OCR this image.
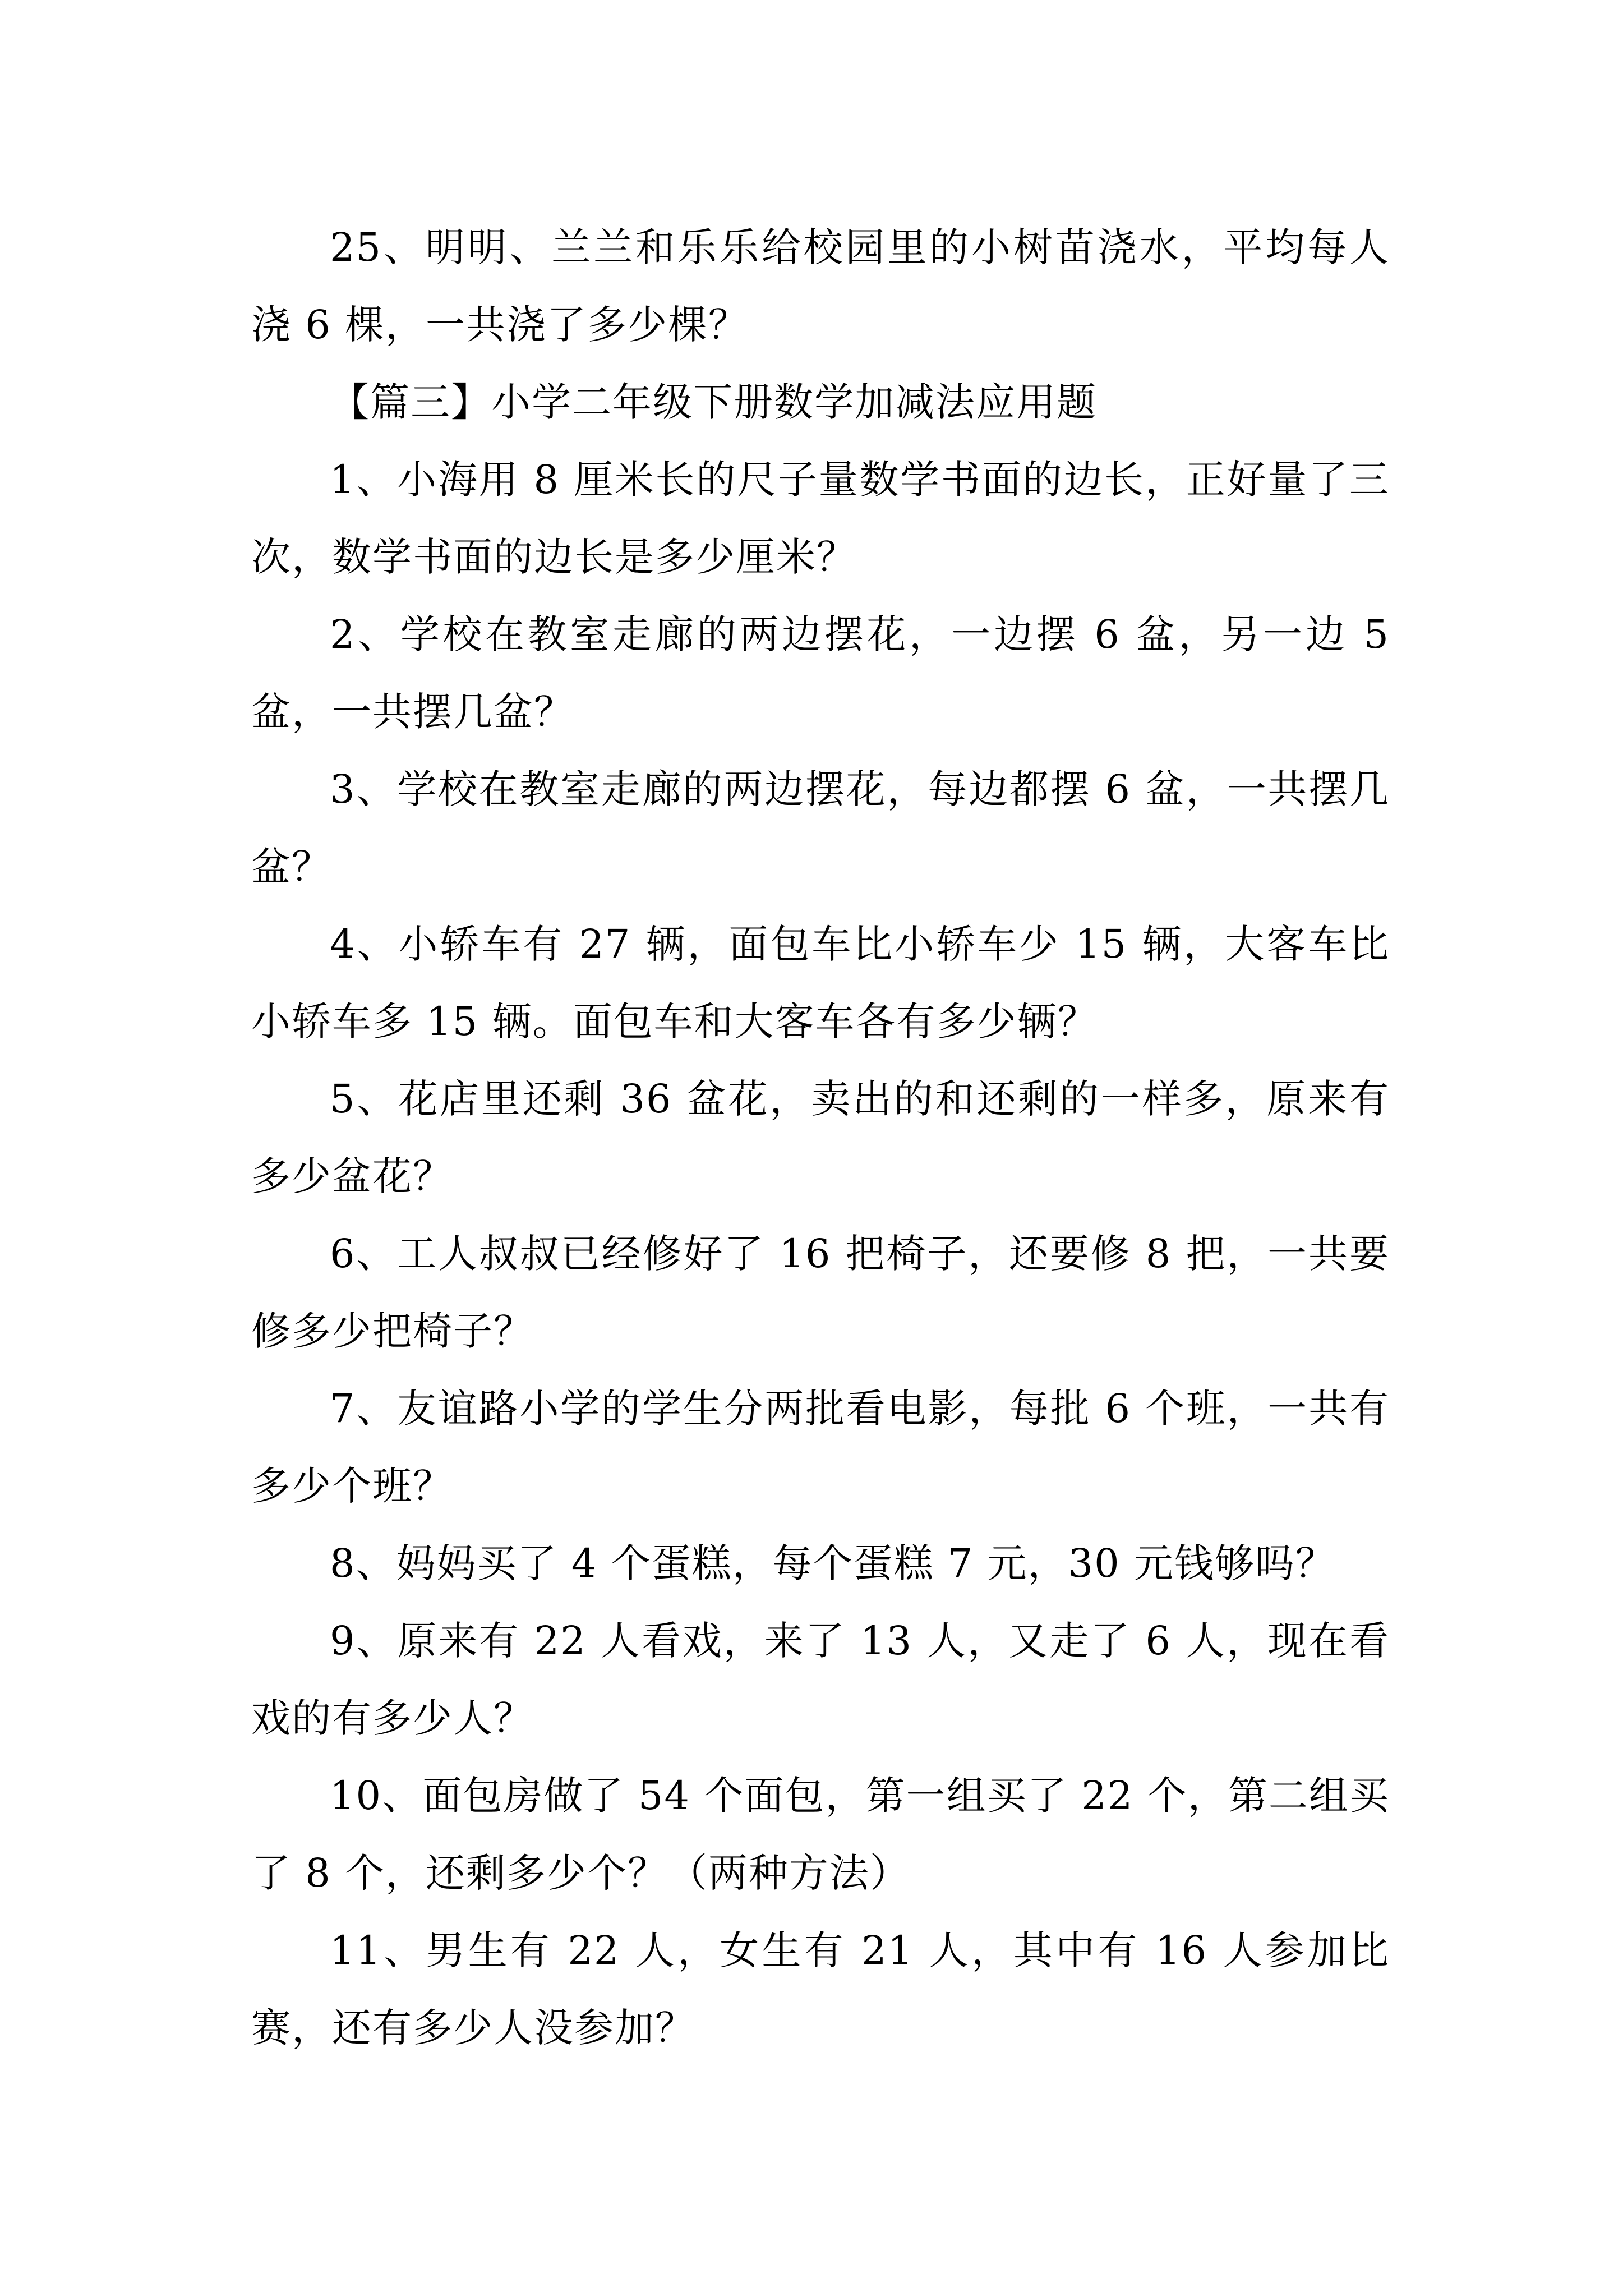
25、明明、兰兰和乐乐给校园里的小树苗浇水，平均每人浇 6 棵，一共浇了多少棵？

【篇三】小学二年级下册数学加减法应用题

1、小海用 8 厘米长的尺子量数学书面的边长，正好量了三次，数学书面的边长是多少厘米？

2、学校在教室走廊的两边摆花，一边摆 6 盆，另一边 5 盆，一共摆几盆？

3、学校在教室走廊的两边摆花，每边都摆 6 盆，一共摆几盆？

4、小轿车有 27 辆，面包车比小轿车少 15 辆，大客车比小轿车多 15 辆。面包车和大客车各有多少辆？

5、花店里还剩 36 盆花，卖出的和还剩的一样多，原来有多少盆花？

6、工人叔叔已经修好了 16 把椅子，还要修 8 把，一共要修多少把椅子？

7、友谊路小学的学生分两批看电影，每批 6 个班，一共有多少个班？

8、妈妈买了 4 个蛋糕，每个蛋糕 7 元，30 元钱够吗？

9、原来有 22 人看戏，来了 13 人，又走了 6 人，现在看戏的有多少人？

10、面包房做了 54 个面包，第一组买了 22 个，第二组买了 8 个，还剩多少个？（两种方法）

11、男生有 22 人，女生有 21 人，其中有 16 人参加比赛，还有多少人没参加？
